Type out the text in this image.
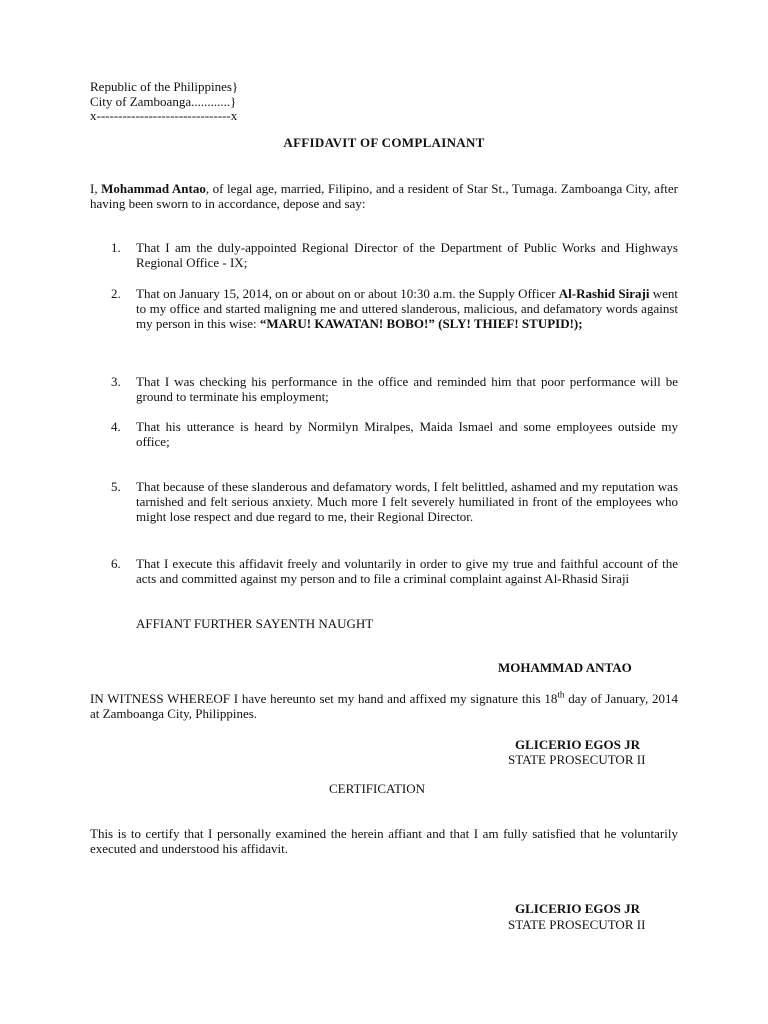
Republic of the Philippines}
City of Zamboanga............}
x-------------------------------x
AFFIDAVIT OF COMPLAINANT
I, Mohammad Antao, of legal age, married, Filipino, and a resident of Star St., Tumaga. Zamboanga City, after having been sworn to in accordance, depose and say:
1. That I am the duly-appointed Regional Director of the Department of Public Works and Highways Regional Office - IX;
2. That on January 15, 2014, on or about on or about 10:30 a.m. the Supply Officer Al-Rashid Siraji went to my office and started maligning me and uttered slanderous, malicious, and defamatory words against my person in this wise: “MARU! KAWATAN! BOBO!” (SLY! THIEF! STUPID!);
3. That I was checking his performance in the office and reminded him that poor performance will be ground to terminate his employment;
4. That his utterance is heard by Normilyn Miralpes, Maida Ismael and some employees outside my office;
5. That because of these slanderous and defamatory words, I felt belittled, ashamed and my reputation was tarnished and felt serious anxiety. Much more I felt severely humiliated in front of the employees who might lose respect and due regard to me, their Regional Director.
6. That I execute this affidavit freely and voluntarily in order to give my true and faithful account of the acts and committed against my person and to file a criminal complaint against Al-Rhasid Siraji
AFFIANT FURTHER SAYENTH NAUGHT
MOHAMMAD ANTAO
IN WITNESS WHEREOF I have hereunto set my hand and affixed my signature this 18th day of January, 2014 at Zamboanga City, Philippines.
GLICERIO EGOS JR
STATE PROSECUTOR II
CERTIFICATION
This is to certify that I personally examined the herein affiant and that I am fully satisfied that he voluntarily executed and understood his affidavit.
GLICERIO EGOS JR
STATE PROSECUTOR II
